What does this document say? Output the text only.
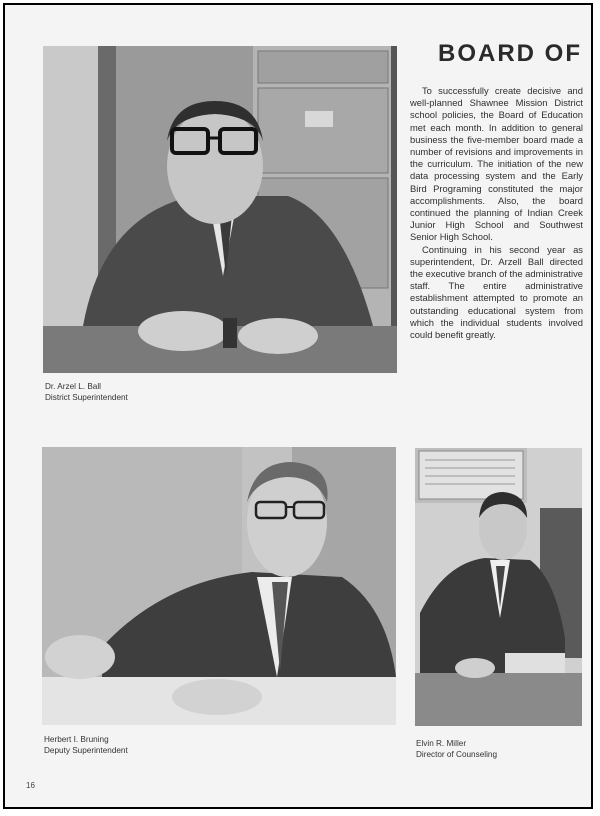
Dr. Arzel L. Ball
District Superintendent
BOARD OF

To successfully create decisive and well-planned Shawnee Mission District school policies, the Board of Education met each month. In addition to general business the five-member board made a number of revisions and improvements in the curriculum. The initiation of the new data processing system and the Early Bird Programing constituted the major accomplishments. Also, the board continued the planning of Indian Creek Junior High School and Southwest Senior High School.

Continuing in his second year as superintendent, Dr. Arzell Ball directed the executive branch of the administrative staff. The entire administrative establishment attempted to promote an outstanding educational system from which the individual students involved could benefit greatly.

Herbert I. Bruning
Deputy Superintendent
Elvin R. Miller
Director of Counseling
16
